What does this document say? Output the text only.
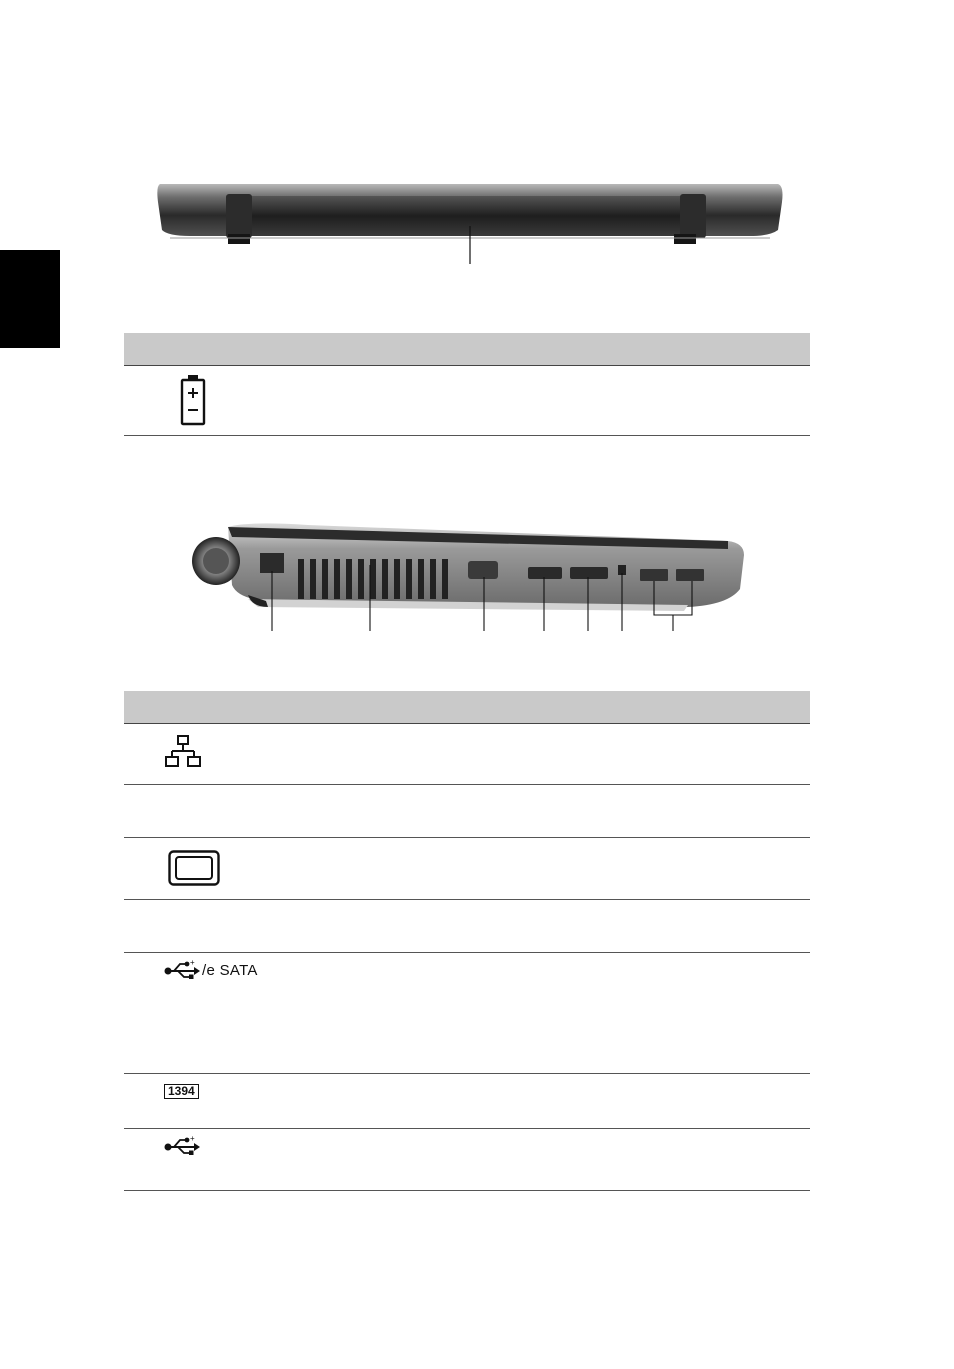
+ /e SATA
1394
+
